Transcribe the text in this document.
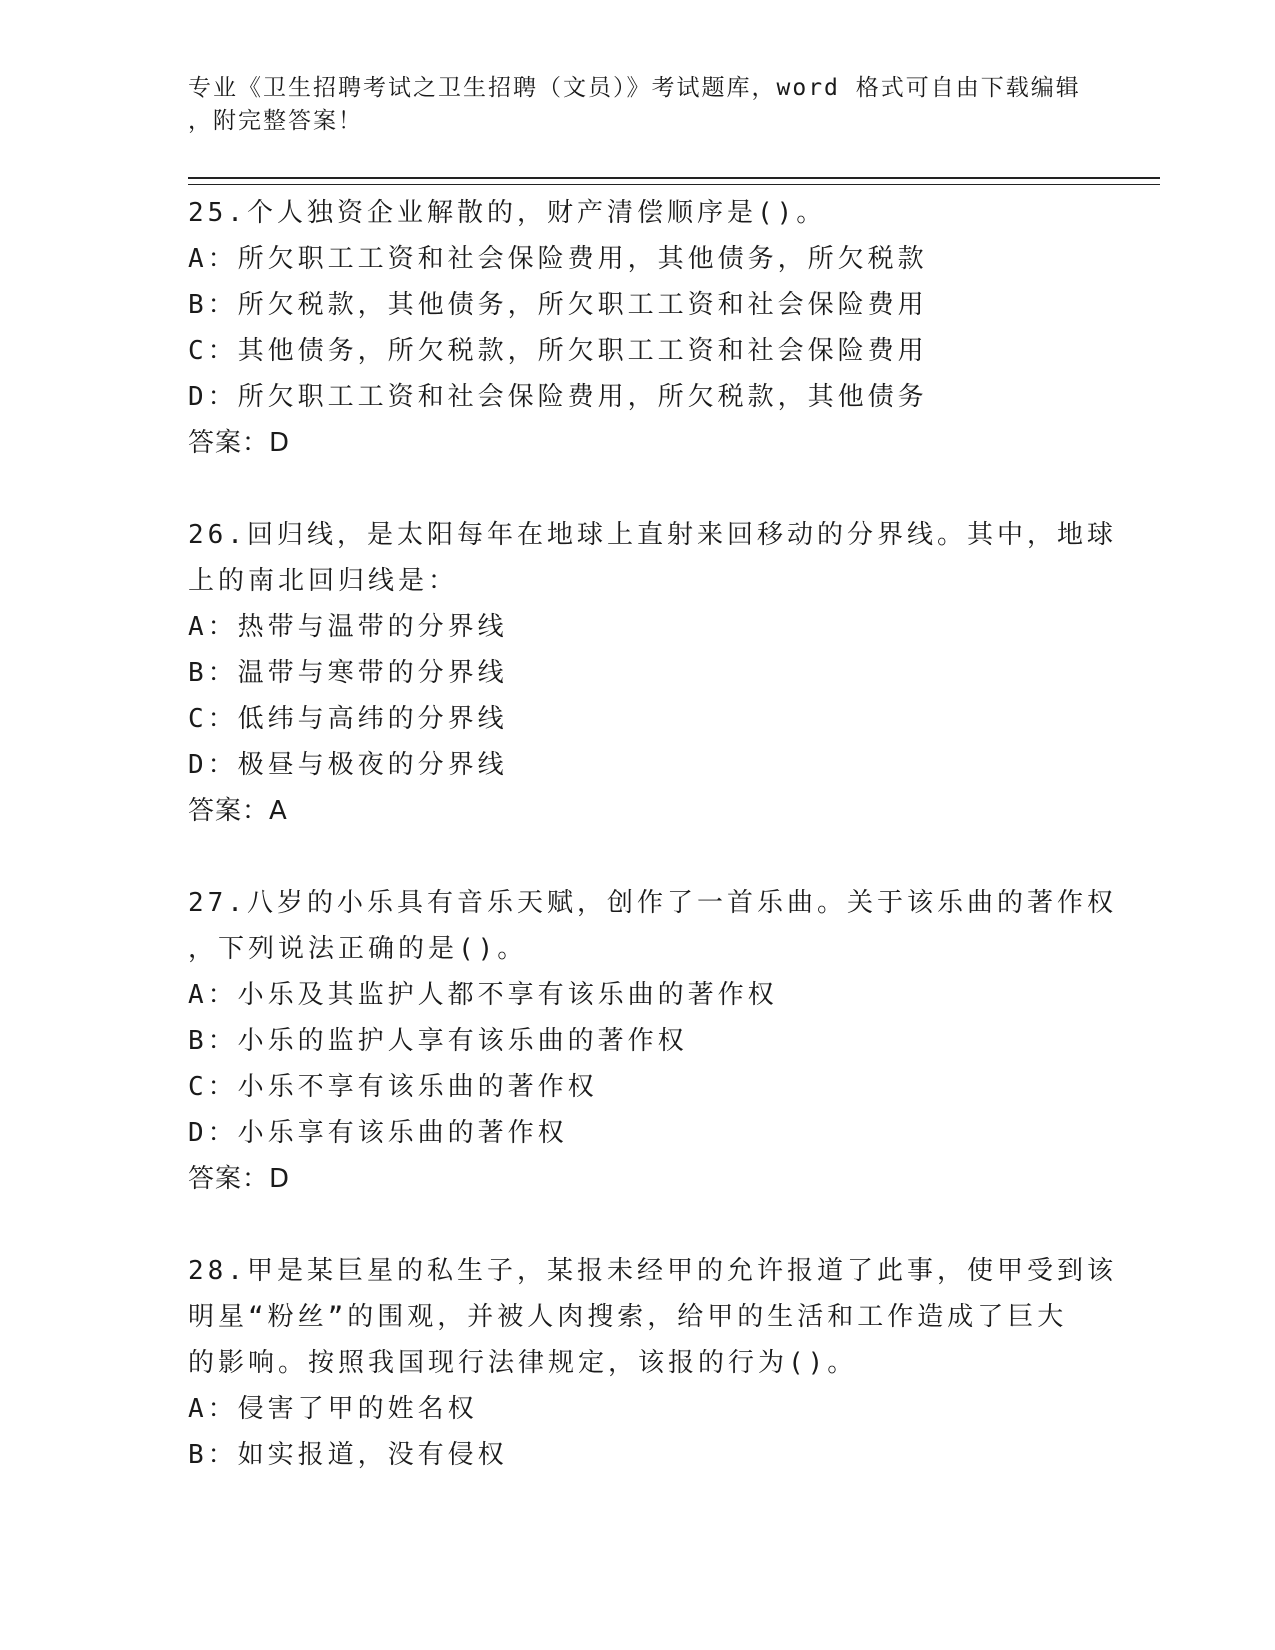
专业《卫生招聘考试之卫生招聘（文员）》考试题库，word 格式可自由下载编辑
，附完整答案！
25.个人独资企业解散的，财产清偿顺序是()。
A：所欠职工工资和社会保险费用，其他债务，所欠税款
B：所欠税款，其他债务，所欠职工工资和社会保险费用
C：其他债务，所欠税款，所欠职工工资和社会保险费用
D：所欠职工工资和社会保险费用，所欠税款，其他债务
答案：D
26.回归线，是太阳每年在地球上直射来回移动的分界线。其中，地球
上的南北回归线是：
A：热带与温带的分界线
B：温带与寒带的分界线
C：低纬与高纬的分界线
D：极昼与极夜的分界线
答案：A
27.八岁的小乐具有音乐天赋，创作了一首乐曲。关于该乐曲的著作权
，下列说法正确的是()。
A：小乐及其监护人都不享有该乐曲的著作权
B：小乐的监护人享有该乐曲的著作权
C：小乐不享有该乐曲的著作权
D：小乐享有该乐曲的著作权
答案：D
28.甲是某巨星的私生子，某报未经甲的允许报道了此事，使甲受到该
明星“粉丝”的围观，并被人肉搜索，给甲的生活和工作造成了巨大
的影响。按照我国现行法律规定，该报的行为()。
A：侵害了甲的姓名权
B：如实报道，没有侵权
